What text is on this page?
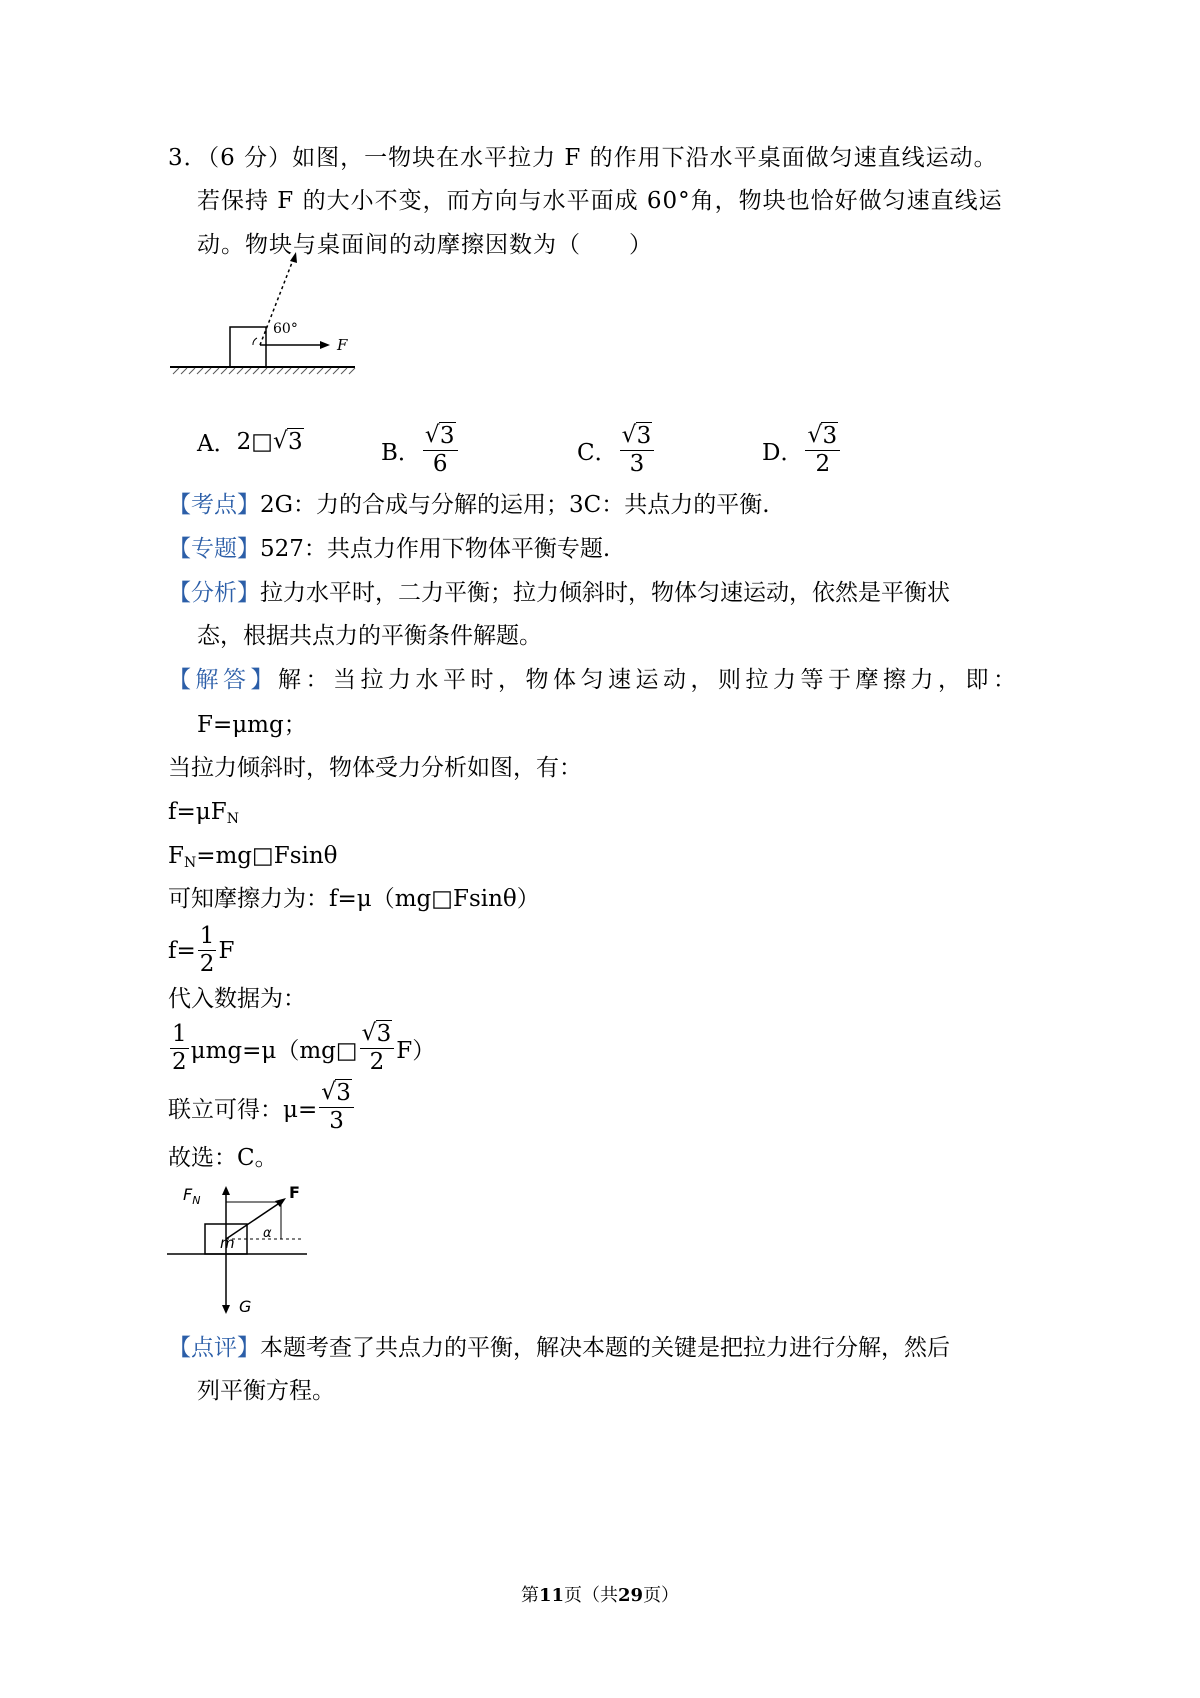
3．（6 分）如图，一物块在水平拉力 F 的作用下沿水平桌面做匀速直线运动。
若保持 F 的大小不变，而方向与水平面成 60°角，物块也恰好做匀速直线运
动。物块与桌面间的动摩擦因数为（　　）
60°
F
A． 2 □ √ 3	B． √ $\frac{3}{6}$	C． √ $\frac{3}{3}$	D． √ $\frac{3}{2}$
【考点】2G：力的合成与分解的运用；3C：共点力的平衡.
【专题】527：共点力作用下物体平衡专题.
【分析】拉力水平时，二力平衡；拉力倾斜时，物体匀速运动，依然是平衡状
态，根据共点力的平衡条件解题。
【解答】解：当拉力水平时，物体匀速运动，则拉力等于摩擦力，即：
F=μmg；
当拉力倾斜时，物体受力分析如图，有：
$f=\mu F_N$
$F_N=mg□Fsin\theta$
可知摩擦力为：f=μ（mg□Fsinθ）
$f= \frac{1}{2}$ F
代入数据为：
$\frac{1}{2}$ μmg=μ（mg□ √ $\frac{3}{2} F$）
联立可得：μ= √ $\frac{3}{3}$
故选：C。
$F_N$	F
m
α
G
【点评】本题考查了共点力的平衡，解决本题的关键是把拉力进行分解，然后
列平衡方程。
第11页（共29页）
